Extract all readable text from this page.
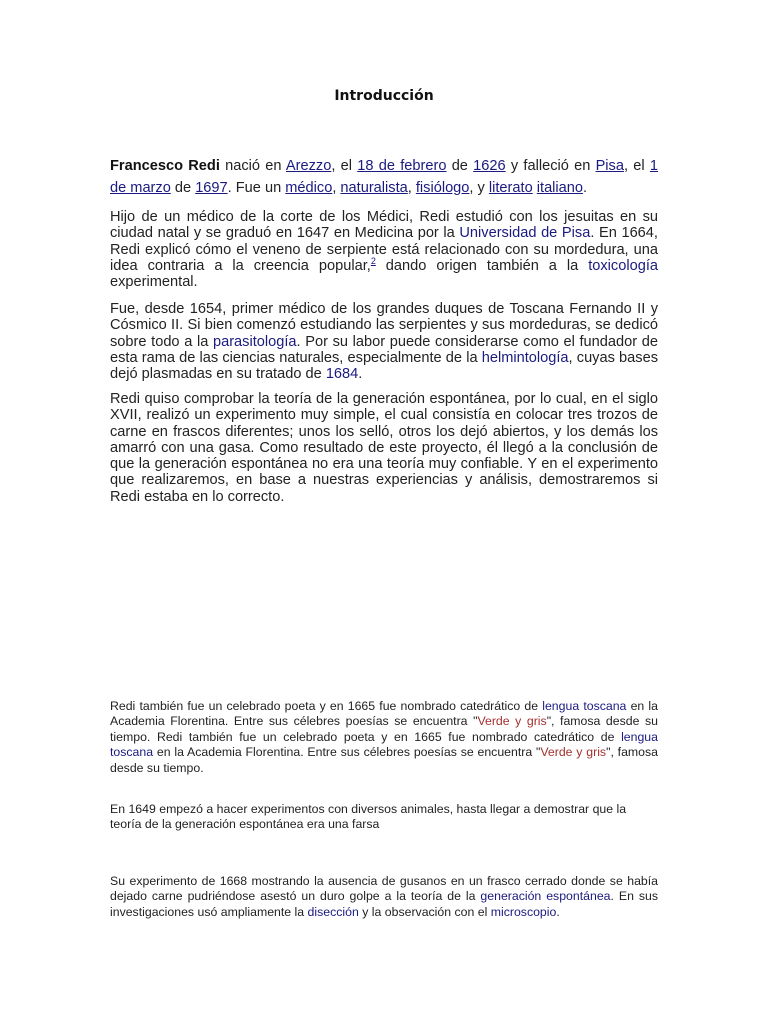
Introducción
Francesco Redi nació en Arezzo, el 18 de febrero de 1626 y falleció en Pisa, el 1 de marzo de 1697. Fue un médico, naturalista, fisiólogo, y literato italiano.
Hijo de un médico de la corte de los Médici, Redi estudió con los jesuitas en su ciudad natal y se graduó en 1647 en Medicina por la Universidad de Pisa. En 1664, Redi explicó cómo el veneno de serpiente está relacionado con su mordedura, una idea contraria a la creencia popular,$^2$ dando origen también a la toxicología experimental.
Fue, desde 1654, primer médico de los grandes duques de Toscana Fernando II y Cósmico II. Si bien comenzó estudiando las serpientes y sus mordeduras, se dedicó sobre todo a la parasitología. Por su labor puede considerarse como el fundador de esta rama de las ciencias naturales, especialmente de la helmintología, cuyas bases dejó plasmadas en su tratado de 1684.
Redi quiso comprobar la teoría de la generación espontánea, por lo cual, en el siglo XVII, realizó un experimento muy simple, el cual consistía en colocar tres trozos de carne en frascos diferentes; unos los selló, otros los dejó abiertos, y los demás los amarró con una gasa. Como resultado de este proyecto, él llegó a la conclusión de que la generación espontánea no era una teoría muy confiable. Y en el experimento que realizaremos, en base a nuestras experiencias y análisis, demostraremos si Redi estaba en lo correcto.
Redi también fue un celebrado poeta y en 1665 fue nombrado catedrático de lengua toscana en la Academia Florentina. Entre sus célebres poesías se encuentra "Verde y gris", famosa desde su tiempo. Redi también fue un celebrado poeta y en 1665 fue nombrado catedrático de lengua toscana en la Academia Florentina. Entre sus célebres poesías se encuentra "Verde y gris", famosa desde su tiempo.
En 1649 empezó a hacer experimentos con diversos animales, hasta llegar a demostrar que la teoría de la generación espontánea era una farsa
Su experimento de 1668 mostrando la ausencia de gusanos en un frasco cerrado donde se había dejado carne pudriéndose asestó un duro golpe a la teoría de la generación espontánea. En sus investigaciones usó ampliamente la disección y la observación con el microscopio.
